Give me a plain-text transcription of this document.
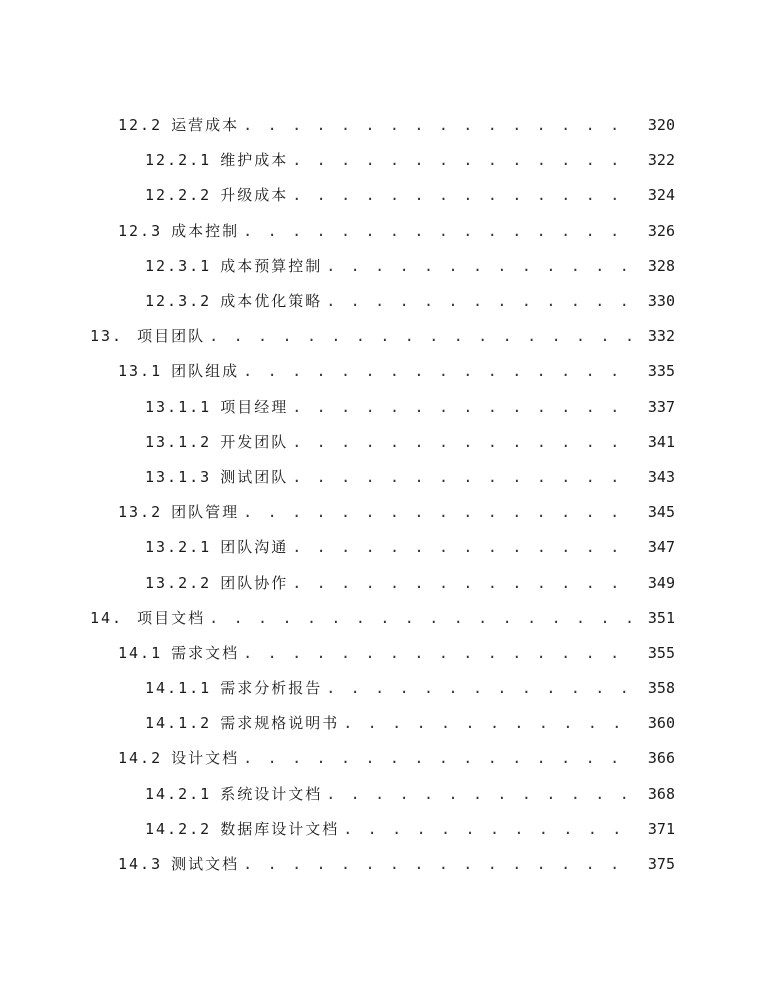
12.2 运营成本 . . .	320
12.2.1 维护成本 . . .	322
12.2.2 升级成本 . . .	324
12.3 成本控制 . . .	326
12.3.1 成本预算控制 . . .	328
12.3.2 成本优化策略 . . .	330
13. 项目团队 . . .	332
13.1 团队组成 . . .	335
13.1.1 项目经理 . . .	337
13.1.2 开发团队 . . .	341
13.1.3 测试团队 . . .	343
13.2 团队管理 . . .	345
13.2.1 团队沟通 . . .	347
13.2.2 团队协作 . . .	349
14. 项目文档 . . .	351
14.1 需求文档 . . .	355
14.1.1 需求分析报告 . . .	358
14.1.2 需求规格说明书 . . .	360
14.2 设计文档 . . .	366
14.2.1 系统设计文档 . . .	368
14.2.2 数据库设计文档 . . .	371
14.3 测试文档 . . .	375
